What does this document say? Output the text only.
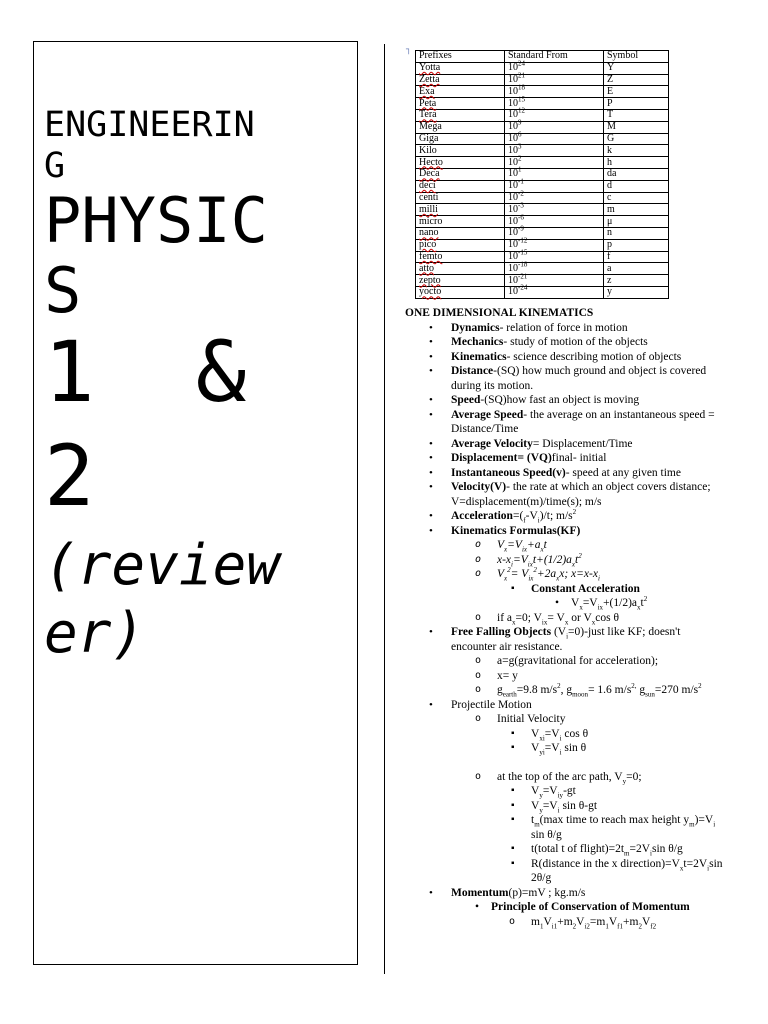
ENGINEERIN
G
PHYSIC
S
1  &
2
(review
er)
┐
Prefixes	Standard From	Symbol
Yotta	$10^{24}$	Y
Zetta	$10^{21}$	Z
Exa	$10^{18}$	E
Peta	$10^{15}$	P
Tera	$10^{12}$	T
Mega	$10^9$	M
Giga	$10^6$	G
Kilo	$10^3$	k
Hecto	$10^2$	h
Deca	$10^1$	da
deci	$10^{-1}$	d
centi	$10^{-2}$	c
milli	$10^{-3}$	m
micro	$10^{-6}$	μ
nano	$10^{-9}$	n
pico	$10^{-12}$	p
femto	$10^{-15}$	f
atto	$10^{-18}$	a
zepto	$10^{-21}$	z
yocto	$10^{-24}$	y
ONE DIMENSIONAL KINEMATICS
• Dynamics- relation of force in motion
• Mechanics- study of motion of the objects
• Kinematics- science describing motion of objects
• Distance-(SQ) how much ground and object is covered during its motion.
• Speed-(SQ)how fast an object is moving
• Average Speed- the average on an instantaneous speed = Distance/Time
• Average Velocity= Displacement/Time
• Displacement= (VQ)final- initial
• Instantaneous Speed(v)- speed at any given time
• Velocity(V)- the rate at which an object covers distance; V=displacement(m)/time(s); m/s
• $Acceleration=(_f-V_i)/t$; $m/s^2$
• Kinematics Formulas(KF)
o $V_x=V_{ix}+a_xt$
o $x-x_i=V_{ix}t+(1/2)a_xt^2$
o $V_x^2= V_{ix}^2+2a_xx$; $x=x-x_i$
▪ Constant Acceleration
• $V_x=V_{ix}+(1/2)a_xt^2$
o if $a_x=0$; $V_{ix}= V_x$ or $V_x\cos$ θ
• Free Falling Objects $(V_i=0)$-just like KF; doesn't encounter air resistance.
o a=g(gravitational for acceleration);
o x= y
o $g_{earth}=9.8$ $m/s^2$, $g_{moon}= 1.6$ $m/s^{2,}$ $g_{sun}=270$ $m/s^2$
• Projectile Motion
o Initial Velocity
▪ $V_{xi}=V_i$ cos θ
▪ $V_{yi}=V_i$ sin θ
o at the top of the arc path, $V_y=0$;
▪ $V_y=V_{iy}-gt$
▪ $V_y=V_i$ sin θ-gt
▪ $t_m(\max$ time to reach max height $y_m)=V_i$ sin θ/g
▪ t(total t of $flight)=2t_m=2V_i\sin$ θ/g
▪ R(distance in the x $direction)=V_xt=2V_i\sin$ 2θ/g
• Momentum(p)=mV ; kg.m/s
• Principle of Conservation of Momentum
o $m_1V_{i1}+m_2V_{i2}=m_1V_{f1}+m_2V_{f2}$
